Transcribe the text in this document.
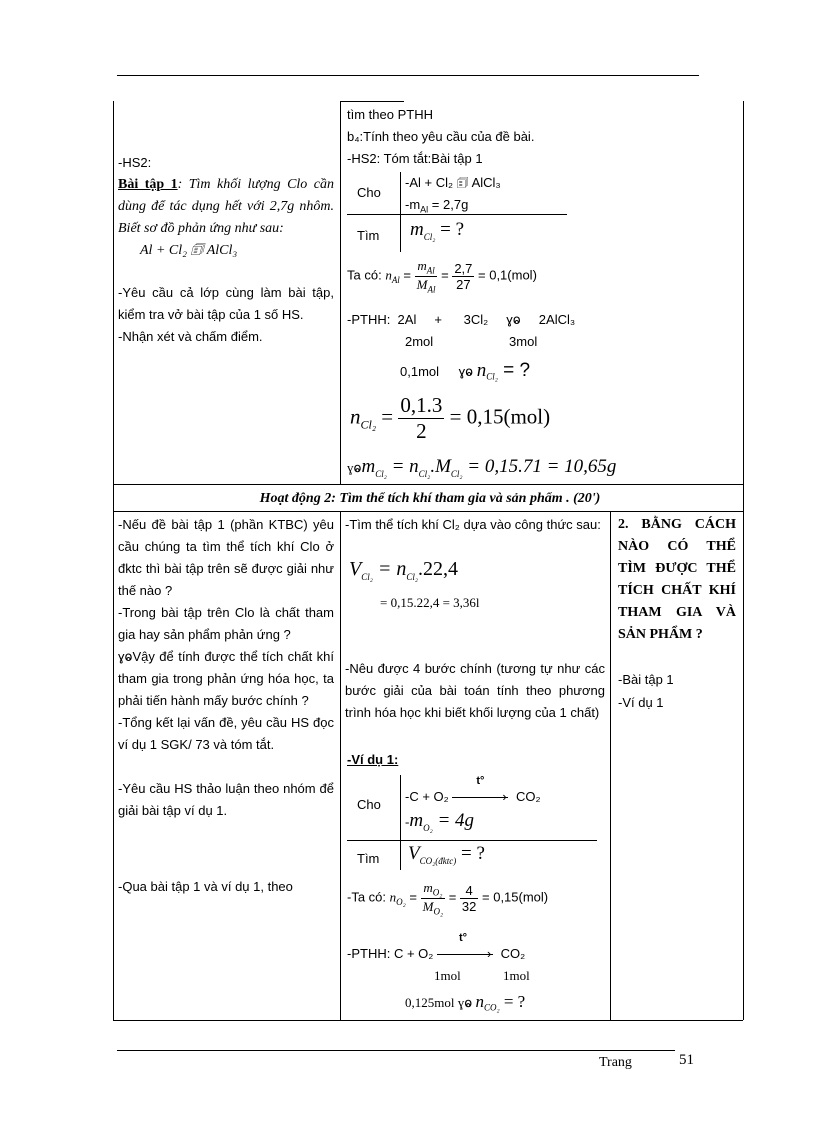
Trang	51
-HS2:
Bài tập 1: Tìm khối lượng Clo cần dùng để tác dụng hết với 2,7g nhôm. Biết sơ đồ phản ứng như sau:
Al + Cl₂ 🗊 AlCl₃
-Yêu cầu cả lớp cùng làm bài tập, kiểm tra vở bài tập của 1 số HS.
-Nhận xét và chấm điểm.
tìm theo PTHH
b₄:Tính theo yêu cầu của đề bài.
-HS2: Tóm tắt:Bài tập 1
Cho
-Al + Cl₂ 🗊 AlCl₃
$-m_{Al} = 2,7g$
Tìm $m_{Cl_2}$ = ?
Ta có: $n_{Al} = \frac{m_{Al}}{M_{Al}} = \frac{2,7}{27} = 0,1(mol)$
-PTHH:  2Al     +      3Cl₂     ɣⱺ     2AlCl₃
2mol                     3mol
0,1mol ɣⱺ $n_{Cl_2}$ = ?
$n_{Cl_2} = \frac{0,1.3}{2} = 0,15(mol)$
ɣⱺm$_{Cl_2}$ = $n_{Cl_2}.M_{Cl_2} = 0,15.71 = 10,65g$
Hoạt động 2: Tìm thể tích khí tham gia và sản phẩm . (20')
-Nếu đề bài tập 1 (phần KTBC) yêu cầu chúng ta tìm thể tích khí Clo ở đktc thì bài tập trên sẽ được giải như thế nào ?
-Trong bài tập trên Clo là chất tham gia hay sản phẩm phản ứng ?
ɣⱺVậy để tính được thể tích chất khí tham gia trong phản ứng hóa học, ta phải tiến hành mấy bước chính ?
-Tổng kết lại vấn đề, yêu cầu HS đọc ví dụ 1 SGK/ 73 và tóm tắt.
-Yêu cầu HS thảo luận theo nhóm để giải bài tập ví dụ 1.
-Qua bài tập 1 và ví dụ 1, theo
-Tìm thể tích khí Cl₂ dựa vào công thức sau:
$V_{Cl_2} = n_{Cl_2}.22,4$
= 0,15.22,4 = 3,36l
-Nêu được 4 bước chính (tương tự như các bước giải của bài toán tính theo phương trình hóa học khi biết khối lượng của 1 chất)
-Ví dụ 1:
Cho
-C + O₂
t°
› CO₂
$-m_{O_2} = 4g$
Tìm $V_{CO_2(đktc)}$ = ?
-Ta có: $n_{O_2} = \frac{m_{O_2}}{M_{O_2}} = \frac{4}{32} = 0,15(mol)$
-PTHH: C + O₂
t°
› CO₂
1mol             1mol
0,125mol ɣⱺ $n_{CO_2}$ = ?
2. BẰNG CÁCH NÀO CÓ THỂ TÌM ĐƯỢC THỂ TÍCH CHẤT KHÍ THAM GIA VÀ SẢN PHẨM ?
-Bài tập 1
-Ví dụ 1
